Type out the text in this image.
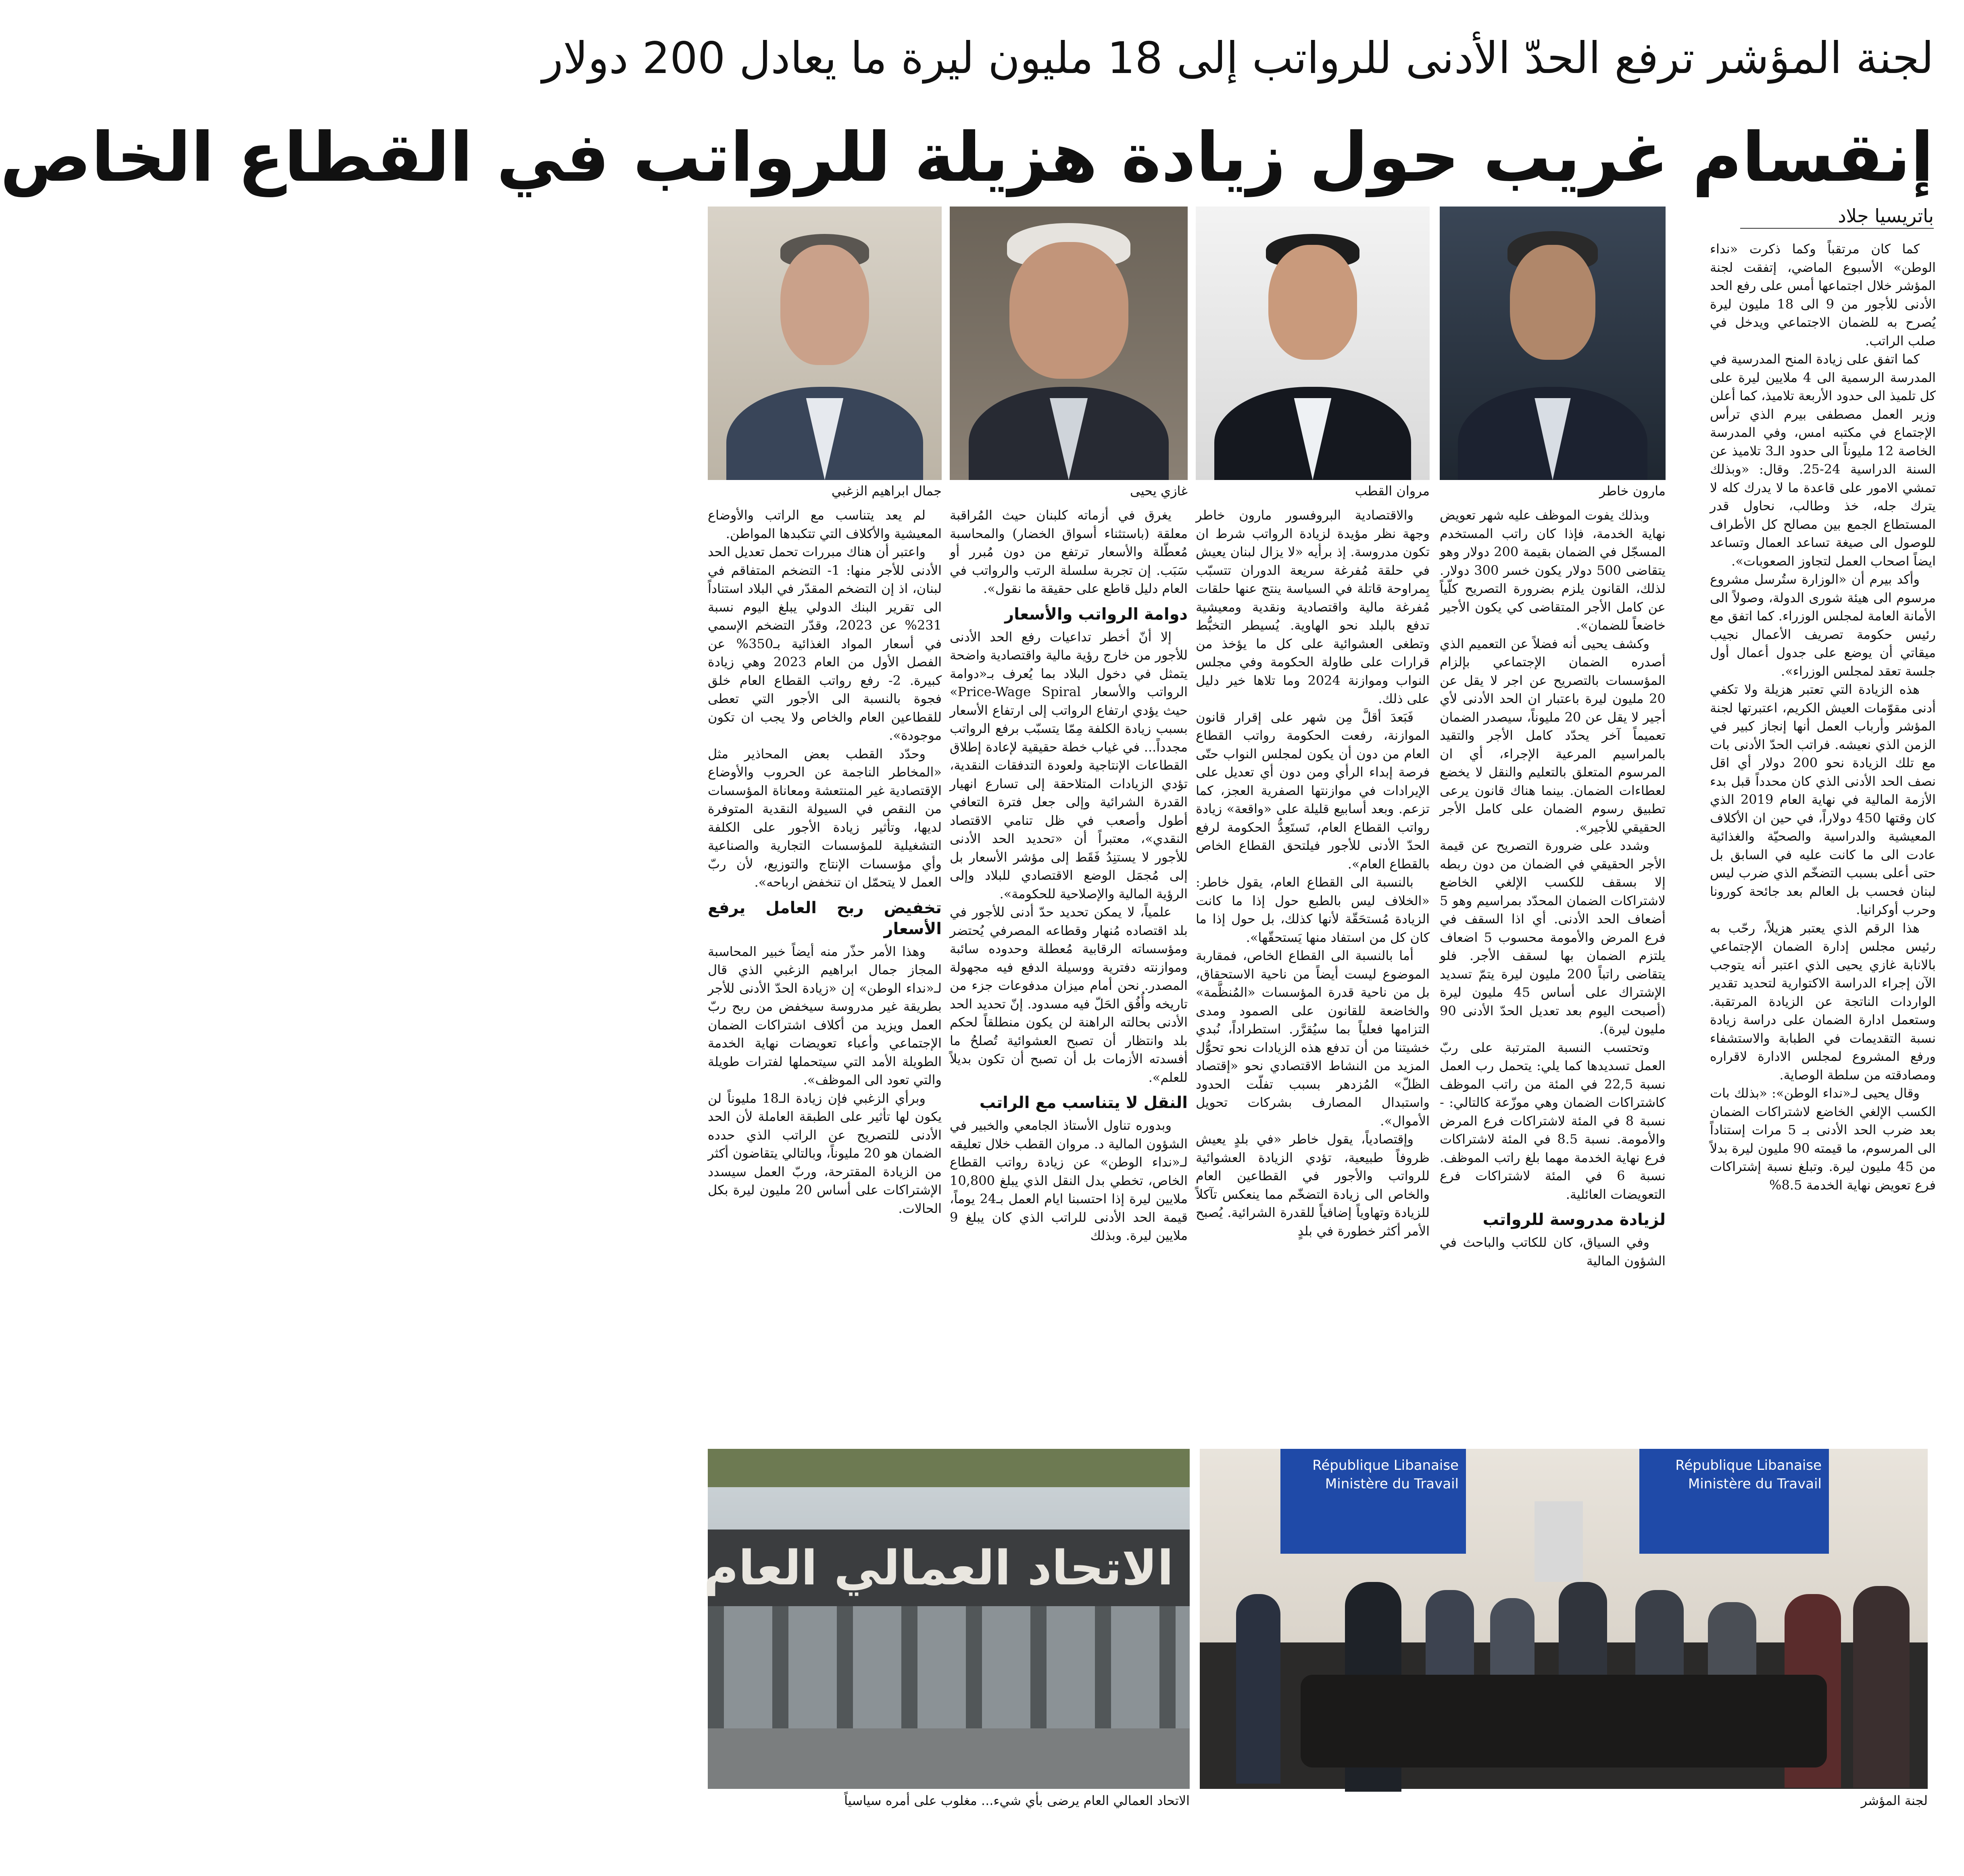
لجنة المؤشر ترفع الحدّ الأدنى للرواتب إلى 18 مليون ليرة ما يعادل 200 دولار
إنقسام غريب حول زيادة هزيلة للرواتب في القطاع الخاص
باتريسيا جلاد

كما كان مرتقباً وكما ذكرت «نداء الوطن» الأسبوع الماضي، إتفقت لجنة المؤشر خلال اجتماعها أمس على رفع الحد الأدنى للأجور من 9 الى 18 مليون ليرة يُصرح به للضمان الاجتماعي ويدخل في صلب الراتب.

كما اتفق على زيادة المنح المدرسية في المدرسة الرسمية الى 4 ملايين ليرة على كل تلميذ الى حدود الأربعة تلاميذ، كما أعلن وزير العمل مصطفى بيرم الذي ترأس الإجتماع في مكتبه امس، وفي المدرسة الخاصة 12 مليوناً الى حدود الـ3 تلاميذ عن السنة الدراسية 24-25. وقال: «وبذلك تمشي الامور على قاعدة ما لا يدرك كله لا يترك جله، خذ وطالب، نحاول قدر المستطاع الجمع بين مصالح كل الأطراف للوصول الى صيغة تساعد العمال وتساعد ايضاً اصحاب العمل لتجاوز الصعوبات».

وأكد بيرم أن «الوزارة ستُرسل مشروع مرسوم الى هيئة شورى الدولة، وصولاً الى الأمانة العامة لمجلس الوزراء. كما اتفق مع رئيس حكومة تصريف الأعمال نجيب ميقاتي أن يوضع على جدول أعمال أول جلسة تعقد لمجلس الوزراء».

هذه الزيادة التي تعتبر هزيلة ولا تكفي أدنى مقوّمات العيش الكريم، اعتبرتها لجنة المؤشر وأرباب العمل أنها إنجاز كبير في الزمن الذي نعيشه. فراتب الحدّ الأدنى بات مع تلك الزيادة نحو 200 دولار أي اقل نصف الحد الأدنى الذي كان محدداً قبل بدء الأزمة المالية في نهاية العام 2019 الذي كان وقتها 450 دولاراً، في حين ان الأكلاف المعيشية والدراسية والصحيّة والغذائية عادت الى ما كانت عليه في السابق بل حتى أعلى بسبب التضخّم الذي ضرب ليس لبنان فحسب بل العالم بعد جائحة كورونا وحرب أوكرانيا.

هذا الرقم الذي يعتبر هزيلاً، رحّب به رئيس مجلس إدارة الضمان الإجتماعي بالانابة غازي يحيى الذي اعتبر أنه يتوجب الآن إجراء الدراسة الاكتوارية لتحديد تقدير الواردات الناتجة عن الزيادة المرتقبة. وستعمل ادارة الضمان على دراسة زيادة نسبة التقديمات في الطبابة والاستشفاء ورفع المشروع لمجلس الادارة لاقراره ومصادقته من سلطة الوصاية.

وقال يحيى لـ«نداء الوطن»: «بذلك بات الكسب الإلغي الخاضع لاشتراكات الضمان بعد ضرب الحد الأدنى بـ 5 مرات إستناداً الى المرسوم، ما قيمته 90 مليون ليرة بدلاً من 45 مليون ليرة. وتبلغ نسبة إشتراكات فرع تعويض نهاية الخدمة 8.5%

مارون خاطر
مروان القطب
غازي يحيى
جمال ابراهيم الزغبي

وبذلك يفوت الموظف عليه شهر تعويض نهاية الخدمة، فإذا كان راتب المستخدم المسجّل في الضمان بقيمة 200 دولار وهو يتقاضى 500 دولار يكون خسر 300 دولار. لذلك، القانون يلزم بضرورة التصريح كلّياً عن كامل الأجر المتقاضى كي يكون الأجير خاضعاً للضمان».

وكشف يحيى أنه فضلاً عن التعميم الذي أصدره الضمان الإجتماعي بإلزام المؤسسات بالتصريح عن اجر لا يقل عن 20 مليون ليرة باعتبار ان الحد الأدنى لأي أجير لا يقل عن 20 مليوناً، سيصدر الضمان تعميماً آخر يحدّد كامل الأجر والتقيد بالمراسيم المرعية الإجراء، أي ان المرسوم المتعلق بالتعليم والنقل لا يخضع لعطاءات الضمان. بينما هناك قانون يرعى تطبيق رسوم الضمان على كامل الأجر الحقيقي للأجير».

وشدد على ضرورة التصريح عن قيمة الأجر الحقيقي في الضمان من دون ربطه إلا بسقف للكسب الإلغي الخاضع لاشتراكات الضمان المحدّد بمراسيم وهو 5 أضعاف الحد الأدنى. أي اذا السقف في فرع المرض والأمومة محسوب 5 اضعاف يلتزم الضمان بها لسقف الأجر. فلو يتقاضى راتباً 200 مليون ليرة يتمّ تسديد الإشتراك على أساس 45 مليون ليرة (أصبحت اليوم بعد تعديل الحدّ الأدنى 90 مليون ليرة).

وتحتسب النسبة المترتبة على ربّ العمل تسديدها كما يلي: يتحمل رب العمل نسبة 22,5 في المئة من راتب الموظف كاشتراكات الضمان وهي موزّعة كالتالي: - نسبة 8 في المئة لاشتراكات فرع المرض والأمومة. نسبة 8.5 في المئة لاشتراكات فرع نهاية الخدمة مهما بلغ راتب الموظف. نسبة 6 في المئة لاشتراكات فرع التعويضات العائلية.

لزيادة مدروسة للرواتب

وفي السياق، كان للكاتب والباحث في الشؤون المالية

والاقتصادية البروفسور مارون خاطر وجهة نظر مؤيدة لزيادة الرواتب شرط ان تكون مدروسة. إذ برأيه «لا يزال لبنان يعيش في حلقة مُفرغة سريعة الدوران تتسبّب بِمراوحة قاتلة في السياسة ينتج عنها حلقات مُفرغة مالية واقتصادية ونقدية ومعيشية تدفع بالبلد نحو الهاوية. يُسيطر التخبُّط وتطغى العشوائية على كل ما يؤخذ من قرارات على طاولة الحكومة وفي مجلس النواب وموازنة 2024 وما تلاها خير دليل على ذلك.

فَبَعدَ أقلَّ مِن شهر على إقرار قانون الموازنة، رفعت الحكومة رواتب القطاع العام من دون أن يكون لمجلس النواب حتّى فرصة إبداء الرأي ومن دون أي تعديل على الإيرادات في موازنتها الصفرية العجز، كما تزعم. وبعد أسابيع قليلة على «واقعة» زيادة رواتب القطاع العام، تَستَعِدُّ الحكومة لرفع الحدّ الأدنى للأجور فيلتحق القطاع الخاص بالقطاع العام».

بالنسبة الى القطاع العام، يقول خاطر: «الخلاف ليس بالطبع حول إذا ما كانت الزيادة مُستحَقّة لأنها كذلك، بل حول إذا ما كان كل من استفاد منها يَستحقّها».

أما بالنسبة الى القطاع الخاص، فمقاربة الموضوع ليست أيضاً من ناحية الاستحقاق، بل من ناحية قدرة المؤسسات «المُنظَّمة» والخاضعة للقانون على الصمود ومدى التزامها فعلياً بما سيُقرَّر. استطراداً، نُبدي خشيتنا من أن تدفع هذه الزيادات نحو تحوُّل المزيد من النشاط الاقتصادي نحو «إقتصاد الظلّ» المُزدهر بسبب تفلّت الحدود واستبدال المصارف بشركات تحويل الأموال».

وإقتصادياً، يقول خاطر «في بلدٍ يعيش ظروفاً طبيعية، تؤدي الزيادة العشوائية للرواتب والأجور في القطاعين العام والخاص الى زيادة التضخّم مما ينعكس تآكلاً للزيادة وتهاوياً إضافياً للقدرة الشرائية. يُصبح الأمر أكثر خطورة في بلدٍ

يغرق في أزماته كلبنان حيث المُراقبة معلقة (باستثناء أسواق الخضار) والمحاسبة مُعطّلة والأسعار ترتفع من دون مُبرر أو سَبَب. إن تجربة سلسلة الرتب والرواتب في العام دليل قاطع على حقيقة ما نقول».

دوامة الرواتب والأسعار

إلا أنّ أخطر تداعيات رفع الحد الأدنى للأجور من خارج رؤية مالية واقتصادية واضحة يتمثل في دخول البلاد بما يُعرف بـ«دوامة الرواتب والأسعار Price-Wage Spiral» حيث يؤدي ارتفاع الرواتب إلى ارتفاع الأسعار بسبب زيادة الكلفة مِمّا يتسبّب برفع الرواتب مجدداً... في غياب خطة حقيقية لإعادة إطلاق القطاعات الإنتاجية ولعودة التدفقات النقدية، تؤدي الزيادات المتلاحقة إلى تسارع انهيار القدرة الشرائية وإلى جعل فترة التعافي أطول وأصعب في ظل تنامي الاقتصاد النقدي»، معتبراً أن «تحديد الحد الأدنى للأجور لا يستنِدُ فَقَط إلى مؤشر الأسعار بل إلى مُجمَل الوضع الاقتصادي للبلاد وإلى الرؤية المالية والإصلاحية للحكومة».

علمياً، لا يمكن تحديد حدّ أدنى للأجور في بلد اقتصاده مُنهار وقطاعه المصرفي يُحتضر ومؤسساته الرقابية مُعطلة وحدوده سائبة وموازنته دفترية ووسيلة الدفع فيه مجهولة المصدر. نحن أمام ميزان مدفوعات جزء من تاريخه وأُفُق الحَلّ فيه مسدود. إنّ تحديد الحد الأدنى بحالته الراهنة لن يكون منطلقاً لحكم بلد وانتظار أن تصبح العشوائية تُصلحُ ما أفسدته الأزمات بل أن تصبح أن تكون بديلاً للعلم».

النقل لا يتناسب مع الراتب

وبدوره تناول الأستاذ الجامعي والخبير في الشؤون المالية د. مروان القطب خلال تعليقه لـ«نداء الوطن» عن زيادة رواتب القطاع الخاص، تخطي بدل النقل الذي يبلغ 10,800 ملايين ليرة إذا احتسبنا ايام العمل بـ24 يوماً، قيمة الحد الأدنى للراتب الذي كان يبلغ 9 ملايين ليرة. وبذلك

لم يعد يتناسب مع الراتب والأوضاع المعيشية والأكلاف التي تتكبدها المواطن.

واعتبر أن هناك مبررات تحمل تعديل الحد الأدنى للأجر منها: 1- التضخم المتفاقم في لبنان، اذ إن التضخم المقدّر في البلاد استناداً الى تقرير البنك الدولي يبلغ اليوم نسبة 231% عن 2023، وقدّر التضخم الإسمي في أسعار المواد الغذائية بـ350% عن الفصل الأول من العام 2023 وهي زيادة كبيرة. 2- رفع رواتب القطاع العام خلق فجوة بالنسبة الى الأجور التي تعطى للقطاعين العام والخاص ولا يجب ان تكون موجودة».

وحدّد القطب بعض المحاذير مثل «المخاطر الناجمة عن الحروب والأوضاع الإقتصادية غير المنتعشة ومعاناة المؤسسات من النقص في السيولة النقدية المتوفرة لديها، وتأثير زيادة الأجور على الكلفة التشغيلية للمؤسسات التجارية والصناعية وأي مؤسسات الإنتاج والتوزيع، لأن ربّ العمل لا يتحمّل ان تنخفض ارباحه».

تخفيض ربح العامل يرفع الأسعار

وهذا الأمر حذّر منه أيضاً خبير المحاسبة المجاز جمال ابراهيم الزغبي الذي قال لـ«نداء الوطن» إن «زيادة الحدّ الأدنى للأجر بطريقة غير مدروسة سيخفض من ربح ربّ العمل ويزيد من أكلاف اشتراكات الضمان الإجتماعي وأعباء تعويضات نهاية الخدمة الطويلة الأمد التي سيتحملها لفترات طويلة والتي تعود الى الموظف».

وبرأي الزغبي فإن زيادة الـ18 مليوناً لن يكون لها تأثير على الطبقة العاملة لأن الحد الأدنى للتصريح عن الراتب الذي حدده الضمان هو 20 مليوناً، وبالتالي يتقاضون أكثر من الزيادة المقترحة، وربّ العمل سيسدد الإشتراكات على أساس 20 مليون ليرة بكل الحالات.

الاتحاد العمالي العام
الاتحاد العمالي العام يرضى بأي شيء... مغلوب على أمره سياسياً
République Libanaise Ministère du Travail
République Libanaise Ministère du Travail
لجنة المؤشر
